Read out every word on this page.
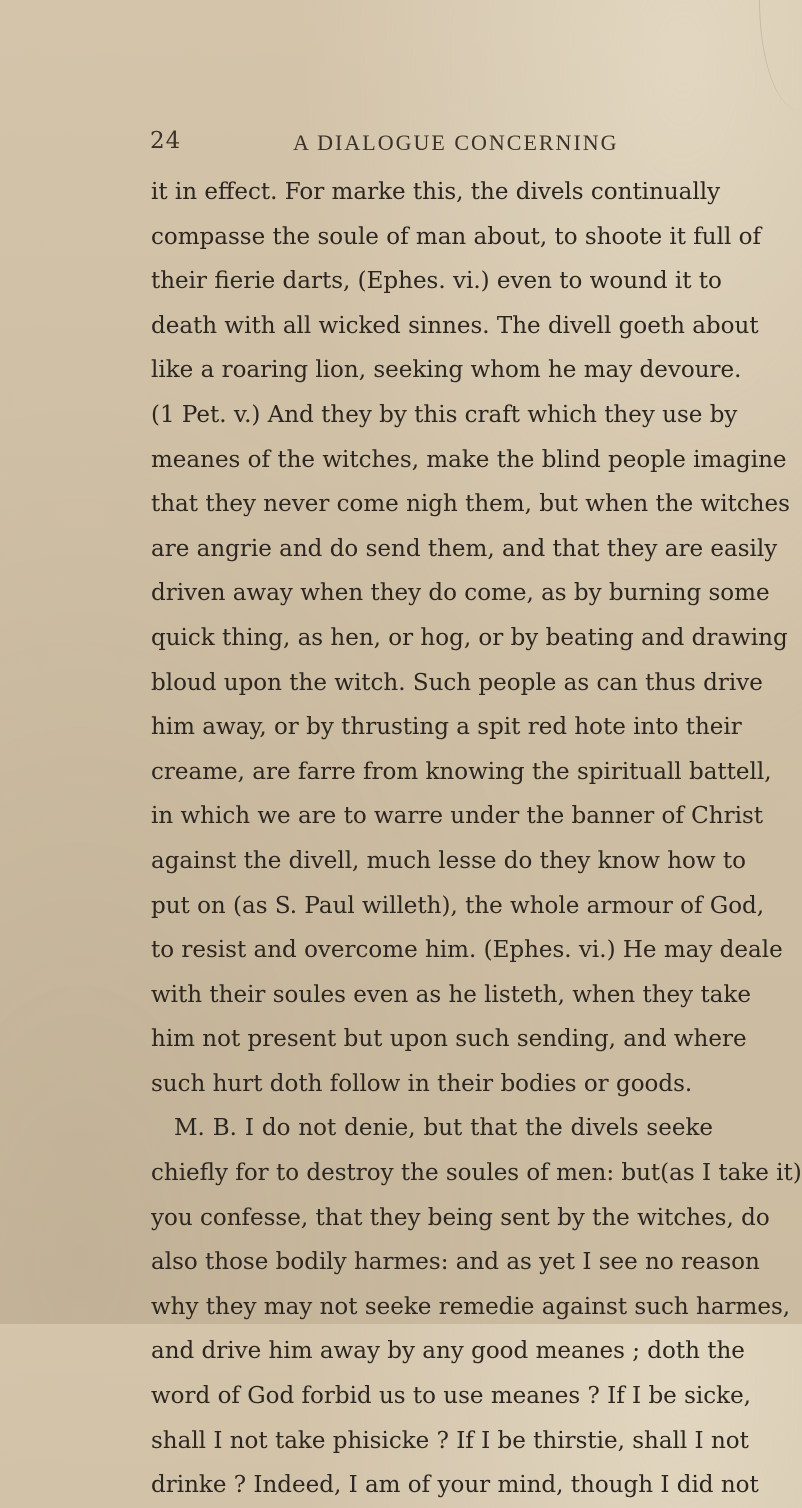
24	A DIALOGUE CONCERNING
it in effect. For marke this, the divels continually
compasse the soule of man about, to shoote it full of
their fierie darts, (Ephes. vi.) even to wound it to
death with all wicked sinnes. The divell goeth about
like a roaring lion, seeking whom he may devoure.
(1 Pet. v.) And they by this craft which they use by
meanes of the witches, make the blind people imagine
that they never come nigh them, but when the witches
are angrie and do send them, and that they are easily
driven away when they do come, as by burning some
quick thing, as hen, or hog, or by beating and drawing
bloud upon the witch. Such people as can thus drive
him away, or by thrusting a spit red hote into their
creame, are farre from knowing the spirituall battell,
in which we are to warre under the banner of Christ
against the divell, much lesse do they know how to
put on (as S. Paul willeth), the whole armour of God,
to resist and overcome him. (Ephes. vi.) He may deale
with their soules even as he listeth, when they take
him not present but upon such sending, and where
such hurt doth follow in their bodies or goods.
M. B. I do not denie, but that the divels seeke
chiefly for to destroy the soules of men: but(as I take it)
you confesse, that they being sent by the witches, do
also those bodily harmes: and as yet I see no reason
why they may not seeke remedie against such harmes,
and drive him away by any good meanes ; doth the
word of God forbid us to use meanes ? If I be sicke,
shall I not take phisicke ? If I be thirstie, shall I not
drinke ? Indeed, I am of your mind, though I did not
